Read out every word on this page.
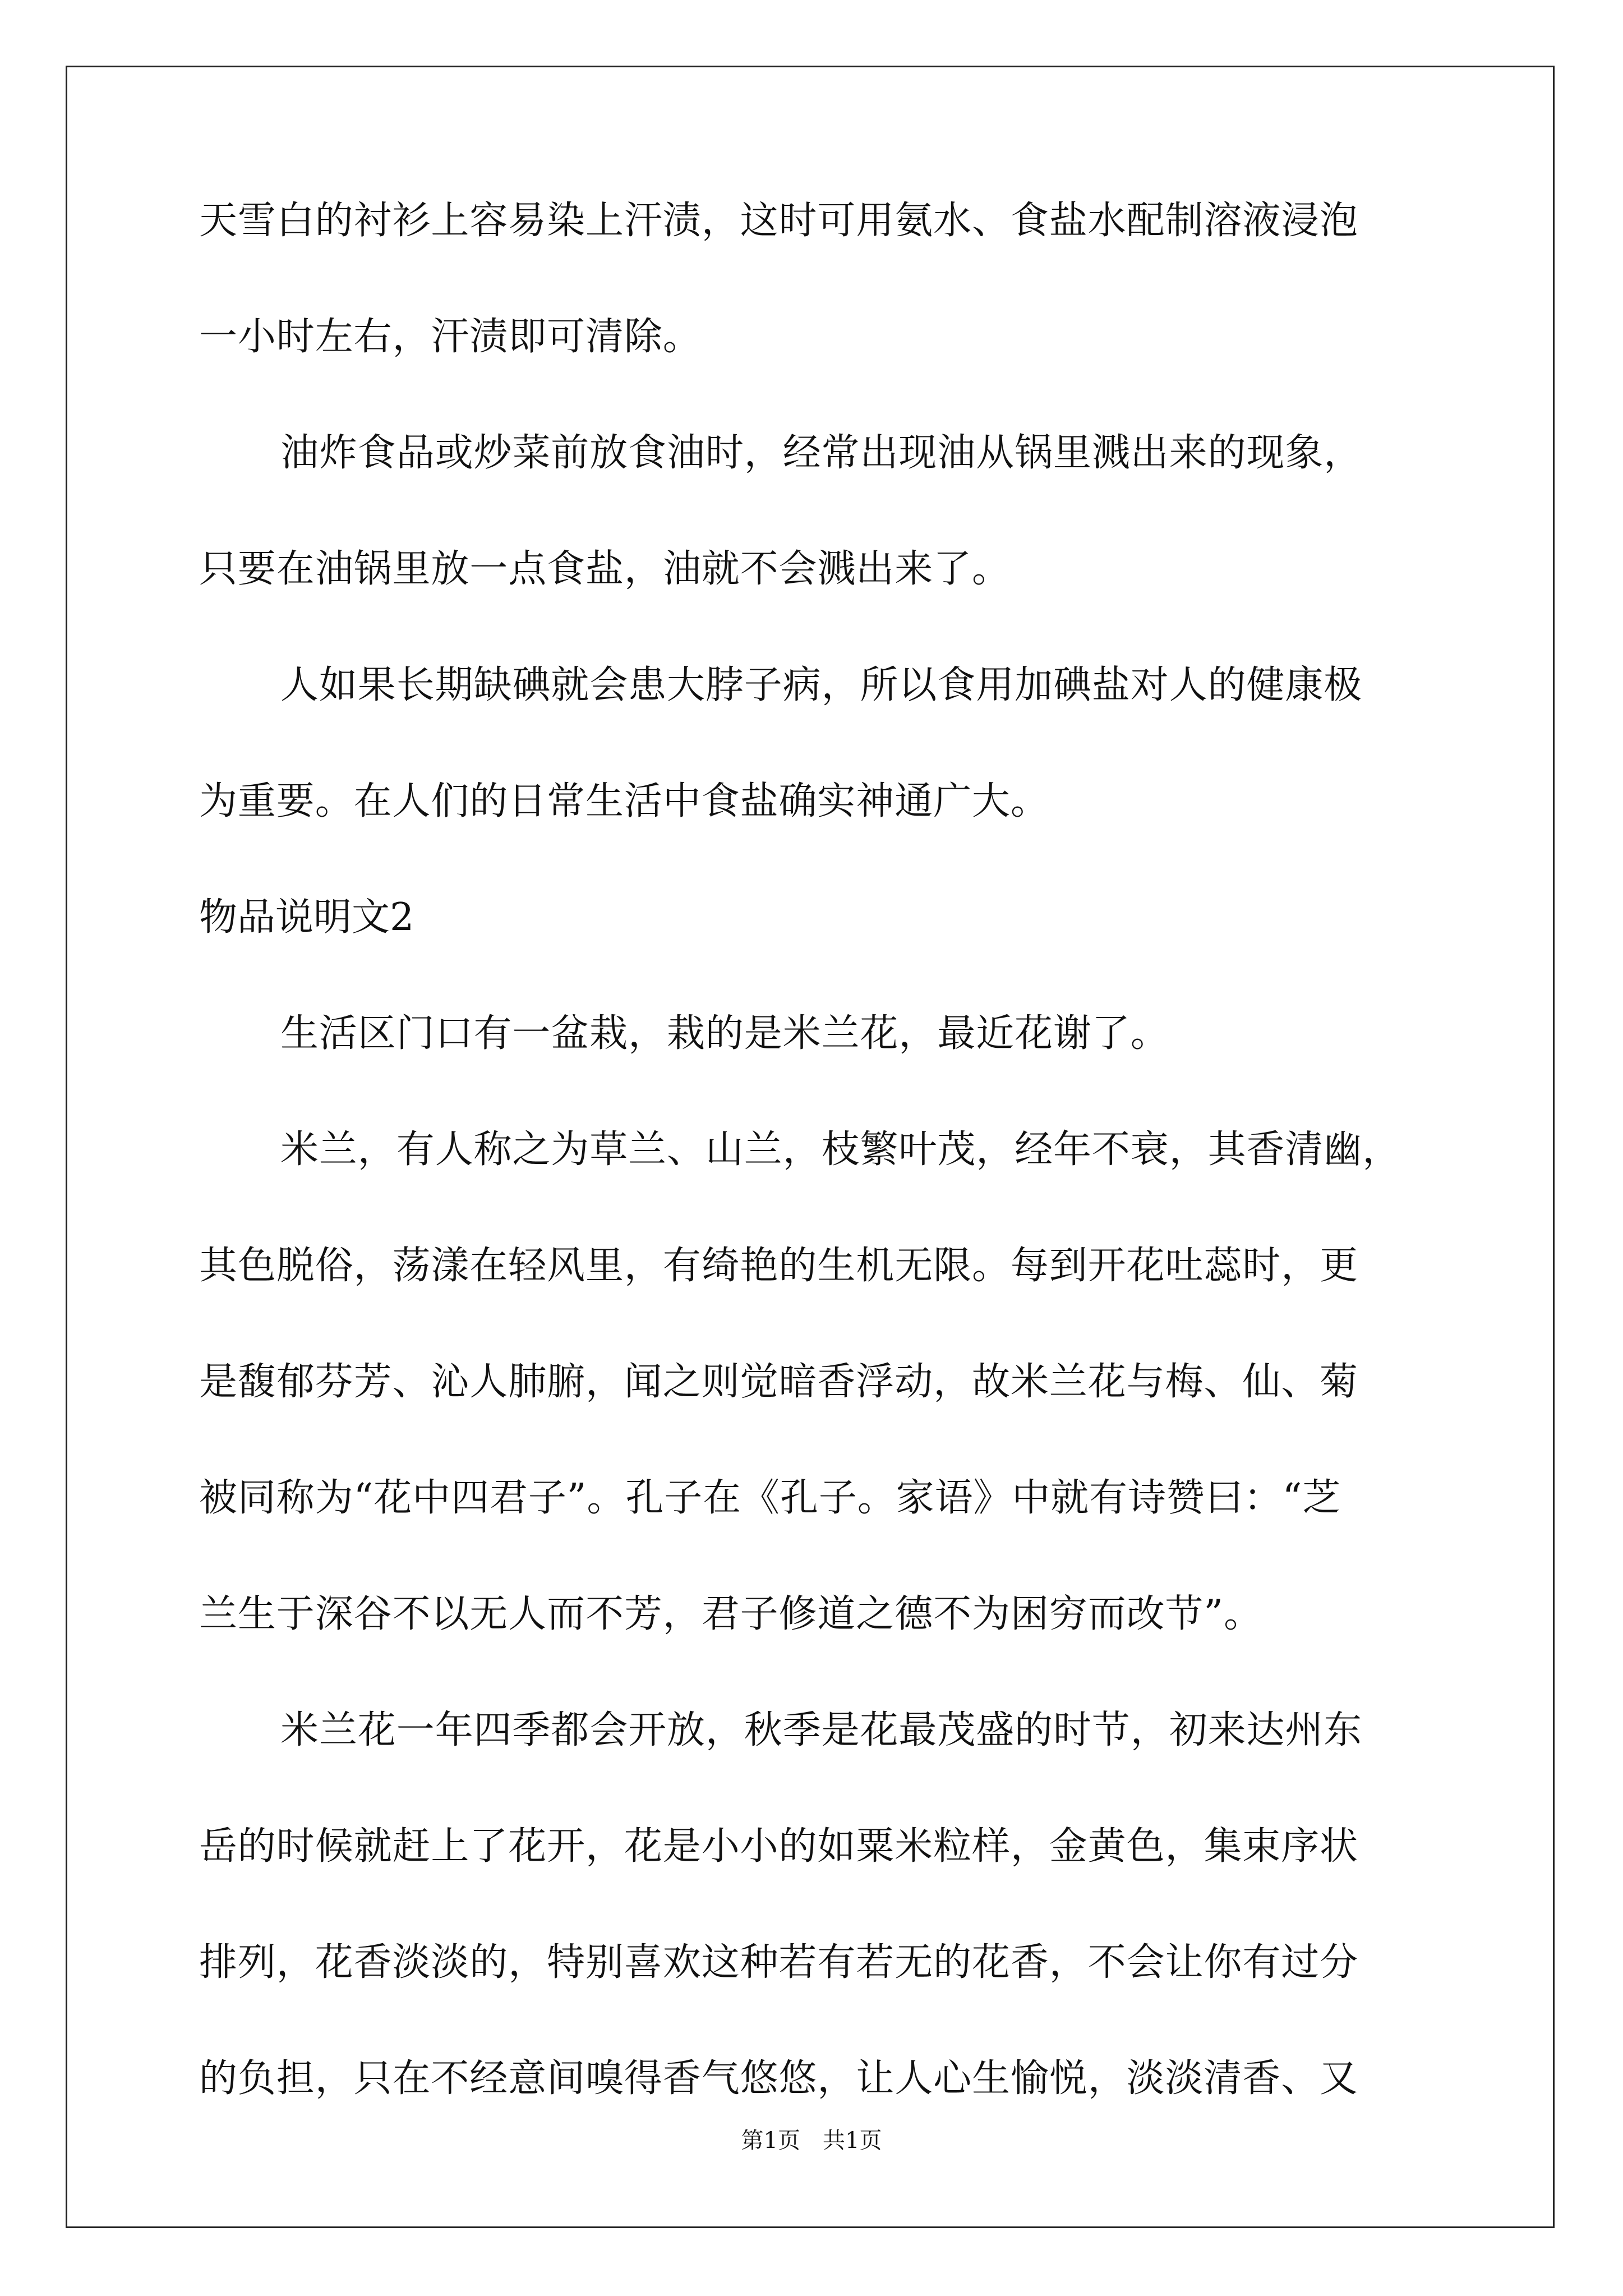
天雪白的衬衫上容易染上汗渍，这时可用氨水、食盐水配制溶液浸泡
一小时左右，汗渍即可清除。
油炸食品或炒菜前放食油时，经常出现油从锅里溅出来的现象，
只要在油锅里放一点食盐，油就不会溅出来了。
人如果长期缺碘就会患大脖子病，所以食用加碘盐对人的健康极
为重要。在人们的日常生活中食盐确实神通广大。
物品说明文2
生活区门口有一盆栽，栽的是米兰花，最近花谢了。
米兰，有人称之为草兰、山兰，枝繁叶茂，经年不衰，其香清幽，
其色脱俗，荡漾在轻风里，有绮艳的生机无限。每到开花吐蕊时，更
是馥郁芬芳、沁人肺腑，闻之则觉暗香浮动，故米兰花与梅、仙、菊
被同称为“花中四君子”。孔子在《孔子。家语》中就有诗赞曰：“芝
兰生于深谷不以无人而不芳，君子修道之德不为困穷而改节”。
米兰花一年四季都会开放，秋季是花最茂盛的时节，初来达州东
岳的时候就赶上了花开，花是小小的如粟米粒样，金黄色，集束序状
排列，花香淡淡的，特别喜欢这种若有若无的花香，不会让你有过分
的负担，只在不经意间嗅得香气悠悠，让人心生愉悦，淡淡清香、又
第1页　共1页
